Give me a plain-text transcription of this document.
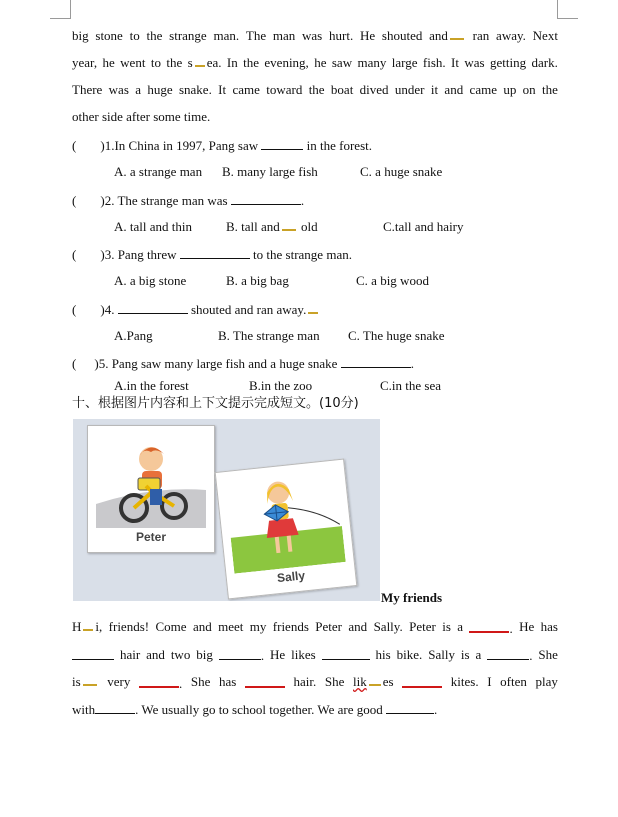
big stone to the strange man. The man was hurt. He shouted and	ran away. Next
year, he went to the s ea. In the evening, he saw many large fish. It was getting dark.
There was a huge snake. It came toward the boat dived under it and came up on the
other side after some time.
( )1.In China in 1997, Pang saw	in the forest.
A. a strange man B. many large fish	C. a huge snake
( )2. The strange man was	.
A. tall and thin	B. tall and old	C.tall and hairy
( )3. Pang threw	to the strange man.
A. a big stone	B. a big bag	C. a big wood
( )4.	shouted and ran away.
A.Pang	B. The strange man C. The huge snake
( )5. Pang saw many large fish and a huge snake	.
A.in the forest	B.in the zoo	C.in the sea
十、根据图片内容和上下文提示完成短文。(10分)
Peter
Sally
My friends
H i, friends! Come and meet my friends Peter and Sally. Peter is a	. He has
hair and two big	. He likes	his bike. Sally is a	. She
is	very	. She has	hair. She lik es	kites. I often play
with	. We usually go to school together. We are good	.
